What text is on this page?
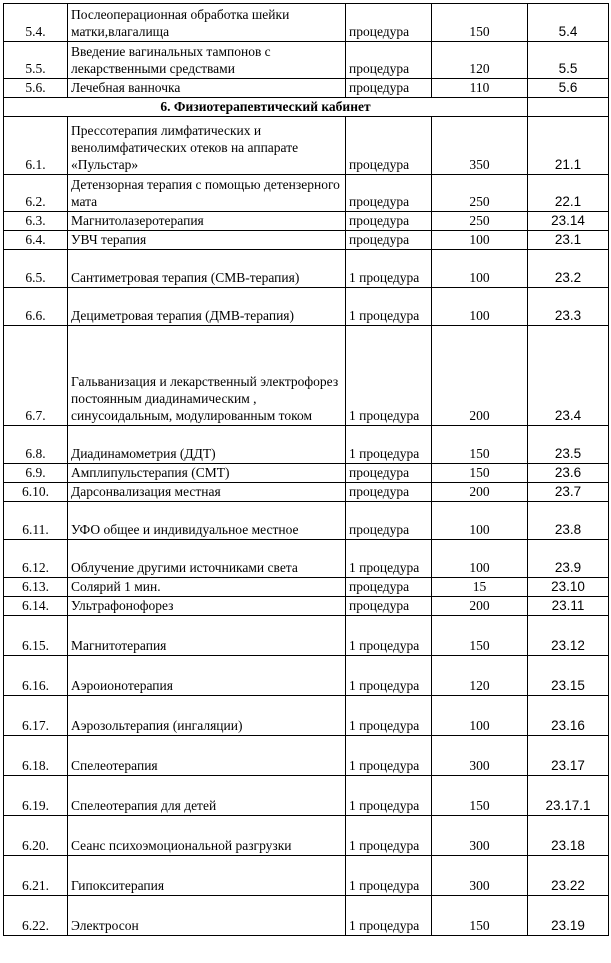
5.4.	Послеоперационная обработка шейки матки,влагалища	процедура	150	5.4
5.5.	Введение вагинальных тампонов с лекарственными средствами	процедура	120	5.5
5.6.	Лечебная ванночка	процедура	110	5.6
6. Физиотерапевтический кабинет				
6.1.	Прессотерапия лимфатических и венолимфатических отеков на аппарате «Пульстар»	процедура	350	21.1
6.2.	Детензорная терапия с помощью детензерного мата	процедура	250	22.1
6.3.	Магнитолазеротерапия	процедура	250	23.14
6.4.	УВЧ терапия	процедура	100	23.1
6.5.	Сантиметровая терапия (СМВ-терапия)	1 процедура	100	23.2
6.6.	Дециметровая терапия (ДМВ-терапия)	1 процедура	100	23.3
6.7.	Гальванизация и лекарственный электрофорез постоянным диадинамическим , синусоидальным, модулированным током	1 процедура	200	23.4
6.8.	Диадинамометрия (ДДТ)	1 процедура	150	23.5
6.9.	Амплипульстерапия (СМТ)	процедура	150	23.6
6.10.	Дарсонвализация местная	процедура	200	23.7
6.11.	УФО общее и индивидуальное местное	процедура	100	23.8
6.12.	Облучение другими источниками света	1 процедура	100	23.9
6.13.	Солярий 1 мин.	процедура	15	23.10
6.14.	Ультрафонофорез	процедура	200	23.11
6.15.	Магнитотерапия	1 процедура	150	23.12
6.16.	Аэроионотерапия	1 процедура	120	23.15
6.17.	Аэрозольтерапия (ингаляции)	1 процедура	100	23.16
6.18.	Спелеотерапия	1 процедура	300	23.17
6.19.	Спелеотерапия для детей	1 процедура	150	23.17.1
6.20.	Сеанс психоэмоциональной разгрузки	1 процедура	300	23.18
6.21.	Гипокситерапия	1 процедура	300	23.22
6.22.	Электросон	1 процедура	150	23.19
